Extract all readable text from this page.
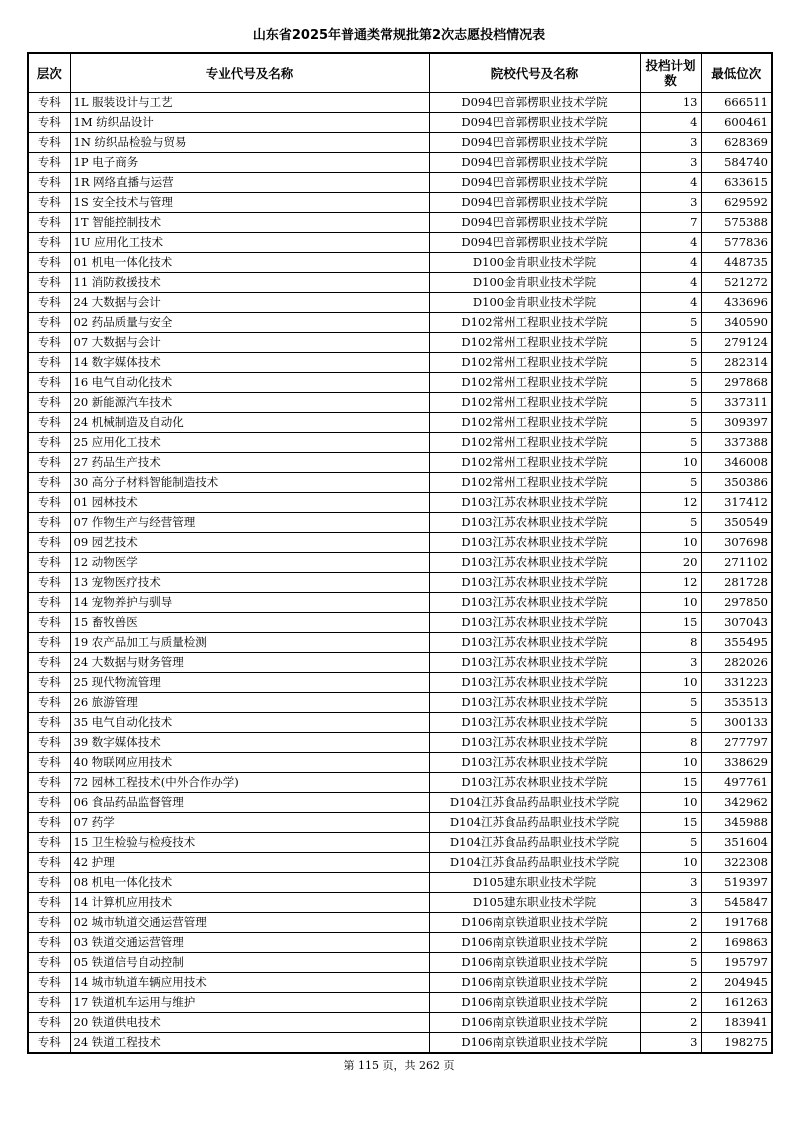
山东省2025年普通类常规批第2次志愿投档情况表
层次	专业代号及名称	院校代号及名称	投档计划数	最低位次
专科	1L 服装设计与工艺	D094巴音郭楞职业技术学院	13	666511
专科	1M 纺织品设计	D094巴音郭楞职业技术学院	4	600461
专科	1N 纺织品检验与贸易	D094巴音郭楞职业技术学院	3	628369
专科	1P 电子商务	D094巴音郭楞职业技术学院	3	584740
专科	1R 网络直播与运营	D094巴音郭楞职业技术学院	4	633615
专科	1S 安全技术与管理	D094巴音郭楞职业技术学院	3	629592
专科	1T 智能控制技术	D094巴音郭楞职业技术学院	7	575388
专科	1U 应用化工技术	D094巴音郭楞职业技术学院	4	577836
专科	01 机电一体化技术	D100金肯职业技术学院	4	448735
专科	11 消防救援技术	D100金肯职业技术学院	4	521272
专科	24 大数据与会计	D100金肯职业技术学院	4	433696
专科	02 药品质量与安全	D102常州工程职业技术学院	5	340590
专科	07 大数据与会计	D102常州工程职业技术学院	5	279124
专科	14 数字媒体技术	D102常州工程职业技术学院	5	282314
专科	16 电气自动化技术	D102常州工程职业技术学院	5	297868
专科	20 新能源汽车技术	D102常州工程职业技术学院	5	337311
专科	24 机械制造及自动化	D102常州工程职业技术学院	5	309397
专科	25 应用化工技术	D102常州工程职业技术学院	5	337388
专科	27 药品生产技术	D102常州工程职业技术学院	10	346008
专科	30 高分子材料智能制造技术	D102常州工程职业技术学院	5	350386
专科	01 园林技术	D103江苏农林职业技术学院	12	317412
专科	07 作物生产与经营管理	D103江苏农林职业技术学院	5	350549
专科	09 园艺技术	D103江苏农林职业技术学院	10	307698
专科	12 动物医学	D103江苏农林职业技术学院	20	271102
专科	13 宠物医疗技术	D103江苏农林职业技术学院	12	281728
专科	14 宠物养护与驯导	D103江苏农林职业技术学院	10	297850
专科	15 畜牧兽医	D103江苏农林职业技术学院	15	307043
专科	19 农产品加工与质量检测	D103江苏农林职业技术学院	8	355495
专科	24 大数据与财务管理	D103江苏农林职业技术学院	3	282026
专科	25 现代物流管理	D103江苏农林职业技术学院	10	331223
专科	26 旅游管理	D103江苏农林职业技术学院	5	353513
专科	35 电气自动化技术	D103江苏农林职业技术学院	5	300133
专科	39 数字媒体技术	D103江苏农林职业技术学院	8	277797
专科	40 物联网应用技术	D103江苏农林职业技术学院	10	338629
专科	72 园林工程技术(中外合作办学)	D103江苏农林职业技术学院	15	497761
专科	06 食品药品监督管理	D104江苏食品药品职业技术学院	10	342962
专科	07 药学	D104江苏食品药品职业技术学院	15	345988
专科	15 卫生检验与检疫技术	D104江苏食品药品职业技术学院	5	351604
专科	42 护理	D104江苏食品药品职业技术学院	10	322308
专科	08 机电一体化技术	D105建东职业技术学院	3	519397
专科	14 计算机应用技术	D105建东职业技术学院	3	545847
专科	02 城市轨道交通运营管理	D106南京铁道职业技术学院	2	191768
专科	03 铁道交通运营管理	D106南京铁道职业技术学院	2	169863
专科	05 铁道信号自动控制	D106南京铁道职业技术学院	5	195797
专科	14 城市轨道车辆应用技术	D106南京铁道职业技术学院	2	204945
专科	17 铁道机车运用与维护	D106南京铁道职业技术学院	2	161263
专科	20 铁道供电技术	D106南京铁道职业技术学院	2	183941
专科	24 铁道工程技术	D106南京铁道职业技术学院	3	198275
第 115 页，共 262 页
